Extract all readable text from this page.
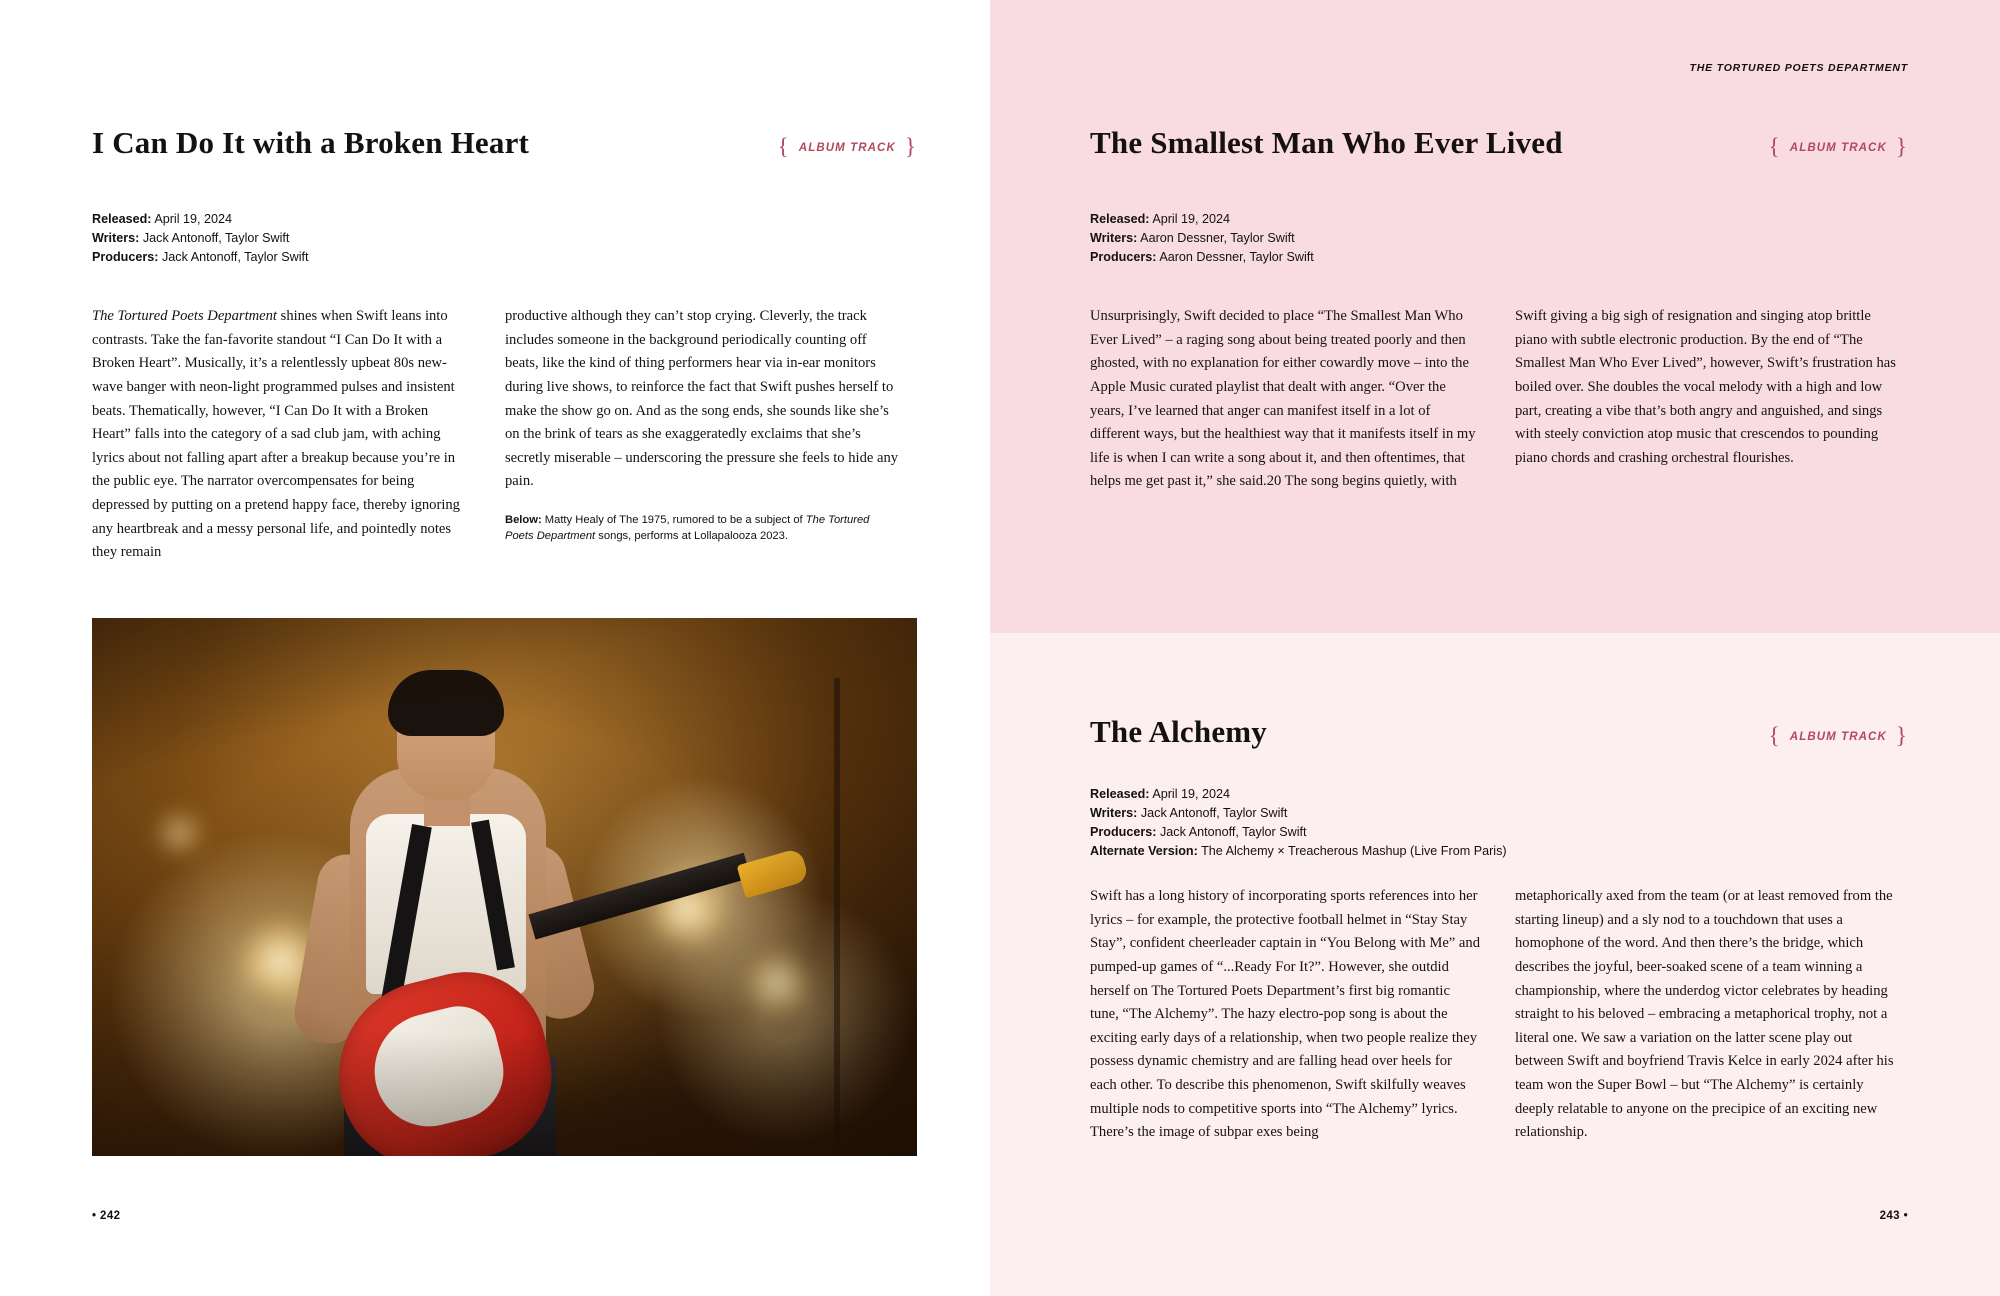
I Can Do It with a Broken Heart	{ ALBUM TRACK }
Released: April 19, 2024
Writers: Jack Antonoff, Taylor Swift
Producers: Jack Antonoff, Taylor Swift

The Tortured Poets Department shines when Swift leans into contrasts. Take the fan-favorite standout “I Can Do It with a Broken Heart”. Musically, it’s a relentlessly upbeat 80s new-wave banger with neon-light programmed pulses and insistent beats. Thematically, however, “I Can Do It with a Broken Heart” falls into the category of a sad club jam, with aching lyrics about not falling apart after a breakup because you’re in the public eye. The narrator overcompensates for being depressed by putting on a pretend happy face, thereby ignoring any heartbreak and a messy personal life, and pointedly notes they remain

productive although they can’t stop crying. Cleverly, the track includes someone in the background periodically counting off beats, like the kind of thing performers hear via in-ear monitors during live shows, to reinforce the fact that Swift pushes herself to make the show go on. And as the song ends, she sounds like she’s on the brink of tears as she exaggeratedly exclaims that she’s secretly miserable – underscoring the pressure she feels to hide any pain.

Below: Matty Healy of The 1975, rumored to be a subject of The Tortured Poets Department songs, performs at Lollapalooza 2023.
• 242
THE TORTURED POETS DEPARTMENT
The Smallest Man Who Ever Lived	{ ALBUM TRACK }
Released: April 19, 2024
Writers: Aaron Dessner, Taylor Swift
Producers: Aaron Dessner, Taylor Swift

Unsurprisingly, Swift decided to place “The Smallest Man Who Ever Lived” – a raging song about being treated poorly and then ghosted, with no explanation for either cowardly move – into the Apple Music curated playlist that dealt with anger. “Over the years, I’ve learned that anger can manifest itself in a lot of different ways, but the healthiest way that it manifests itself in my life is when I can write a song about it, and then oftentimes, that helps me get past it,” she said.20 The song begins quietly, with

Swift giving a big sigh of resignation and singing atop brittle piano with subtle electronic production. By the end of “The Smallest Man Who Ever Lived”, however, Swift’s frustration has boiled over. She doubles the vocal melody with a high and low part, creating a vibe that’s both angry and anguished, and sings with steely conviction atop music that crescendos to pounding piano chords and crashing orchestral flourishes.

The Alchemy	{ ALBUM TRACK }
Released: April 19, 2024
Writers: Jack Antonoff, Taylor Swift
Producers: Jack Antonoff, Taylor Swift
Alternate Version: The Alchemy × Treacherous Mashup (Live From Paris)

Swift has a long history of incorporating sports references into her lyrics – for example, the protective football helmet in “Stay Stay Stay”, confident cheerleader captain in “You Belong with Me” and pumped-up games of “...Ready For It?”. However, she outdid herself on The Tortured Poets Department’s first big romantic tune, “The Alchemy”. The hazy electro-pop song is about the exciting early days of a relationship, when two people realize they possess dynamic chemistry and are falling head over heels for each other. To describe this phenomenon, Swift skilfully weaves multiple nods to competitive sports into “The Alchemy” lyrics. There’s the image of subpar exes being

metaphorically axed from the team (or at least removed from the starting lineup) and a sly nod to a touchdown that uses a homophone of the word. And then there’s the bridge, which describes the joyful, beer-soaked scene of a team winning a championship, where the underdog victor celebrates by heading straight to his beloved – embracing a metaphorical trophy, not a literal one. We saw a variation on the latter scene play out between Swift and boyfriend Travis Kelce in early 2024 after his team won the Super Bowl – but “The Alchemy” is certainly deeply relatable to anyone on the precipice of an exciting new relationship.

243 •
